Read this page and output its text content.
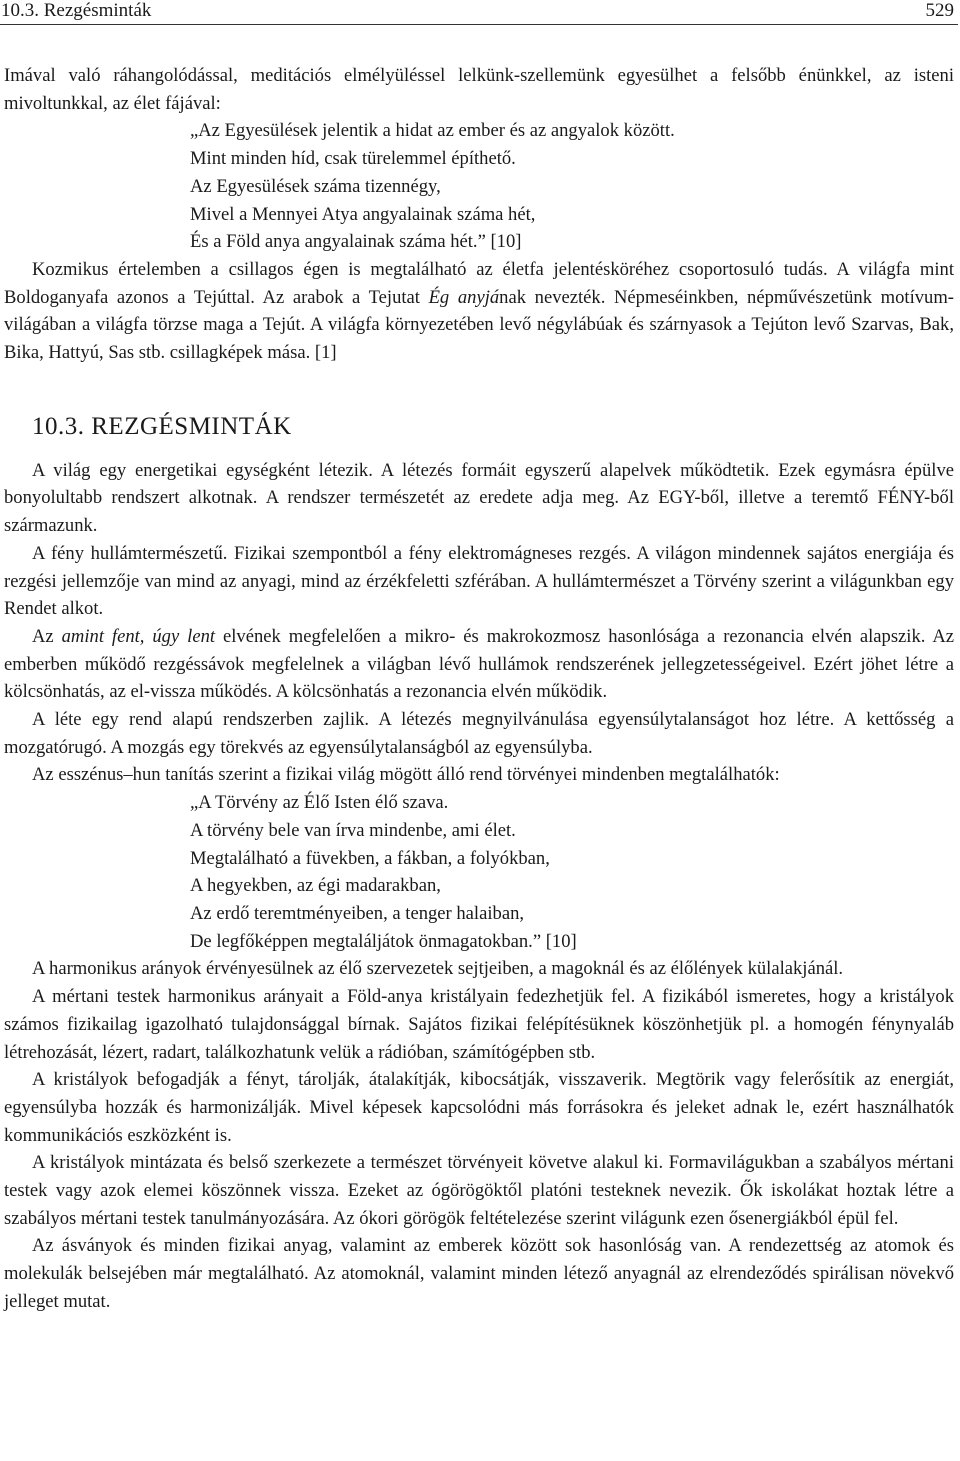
10.3. Rezgésminták	529

Imával való ráhangolódással, meditációs elmélyüléssel lelkünk-szellemünk egyesülhet a felsőbb énünkkel, az isteni mivoltunkkal, az élet fájával:

„Az Egyesülések jelentik a hidat az ember és az angyalok között.
Mint minden híd, csak türelemmel építhető.
Az Egyesülések száma tizennégy,
Mivel a Mennyei Atya angyalainak száma hét,
És a Föld anya angyalainak száma hét.” [10]

Kozmikus értelemben a csillagos égen is megtalálható az életfa jelentésköréhez csoportosuló tudás. A világfa mint Boldoganyafa azonos a Tejúttal. Az arabok a Tejutat Ég anyjának nevezték. Népmeséinkben, népművészetünk motívum-világában a világfa törzse maga a Tejút. A világfa környezetében levő négylábúak és szárnyasok a Tejúton levő Szarvas, Bak, Bika, Hattyú, Sas stb. csillagképek mása. [1]

10.3. REZGÉSMINTÁK

A világ egy energetikai egységként létezik. A létezés formáit egyszerű alapelvek működtetik. Ezek egymásra épülve bonyolultabb rendszert alkotnak. A rendszer természetét az eredete adja meg. Az EGY-ből, illetve a teremtő FÉNY-ből származunk.

A fény hullámtermészetű. Fizikai szempontból a fény elektromágneses rezgés. A világon mindennek sajátos energiája és rezgési jellemzője van mind az anyagi, mind az érzékfeletti szférában. A hullámtermészet a Törvény szerint a világunkban egy Rendet alkot.

Az amint fent, úgy lent elvének megfelelően a mikro- és makrokozmosz hasonlósága a rezonancia elvén alapszik. Az emberben működő rezgéssávok megfelelnek a világban lévő hullámok rendszerének jellegzetességeivel. Ezért jöhet létre a kölcsönhatás, az el-vissza működés. A kölcsönhatás a rezonancia elvén működik.

A léte egy rend alapú rendszerben zajlik. A létezés megnyilvánulása egyensúlytalanságot hoz létre. A kettősség a mozgatórugó. A mozgás egy törekvés az egyensúlytalanságból az egyensúlyba.

Az esszénus–hun tanítás szerint a fizikai világ mögött álló rend törvényei mindenben megtalálhatók:

„A Törvény az Élő Isten élő szava.
A törvény bele van írva mindenbe, ami élet.
Megtalálható a füvekben, a fákban, a folyókban,
A hegyekben, az égi madarakban,
Az erdő teremtményeiben, a tenger halaiban,
De legfőképpen megtaláljátok önmagatokban.” [10]

A harmonikus arányok érvényesülnek az élő szervezetek sejtjeiben, a magoknál és az élőlények külalakjánál.

A mértani testek harmonikus arányait a Föld-anya kristályain fedezhetjük fel. A fizikából ismeretes, hogy a kristályok számos fizikailag igazolható tulajdonsággal bírnak. Sajátos fizikai felépítésüknek köszönhetjük pl. a homogén fénynyaláb létrehozását, lézert, radart, találkozhatunk velük a rádióban, számítógépben stb.

A kristályok befogadják a fényt, tárolják, átalakítják, kibocsátják, visszaverik. Megtörik vagy felerősítik az energiát, egyensúlyba hozzák és harmonizálják. Mivel képesek kapcsolódni más forrásokra és jeleket adnak le, ezért használhatók kommunikációs eszközként is.

A kristályok mintázata és belső szerkezete a természet törvényeit követve alakul ki. Formavilágukban a szabályos mértani testek vagy azok elemei köszönnek vissza. Ezeket az ógörögöktől platóni testeknek nevezik. Ők iskolákat hoztak létre a szabályos mértani testek tanulmányozására. Az ókori görögök feltételezése szerint világunk ezen ősenergiákból épül fel.

Az ásványok és minden fizikai anyag, valamint az emberek között sok hasonlóság van. A rendezettség az atomok és molekulák belsejében már megtalálható. Az atomoknál, valamint minden létező anyagnál az elrendeződés spirálisan növekvő jelleget mutat.
